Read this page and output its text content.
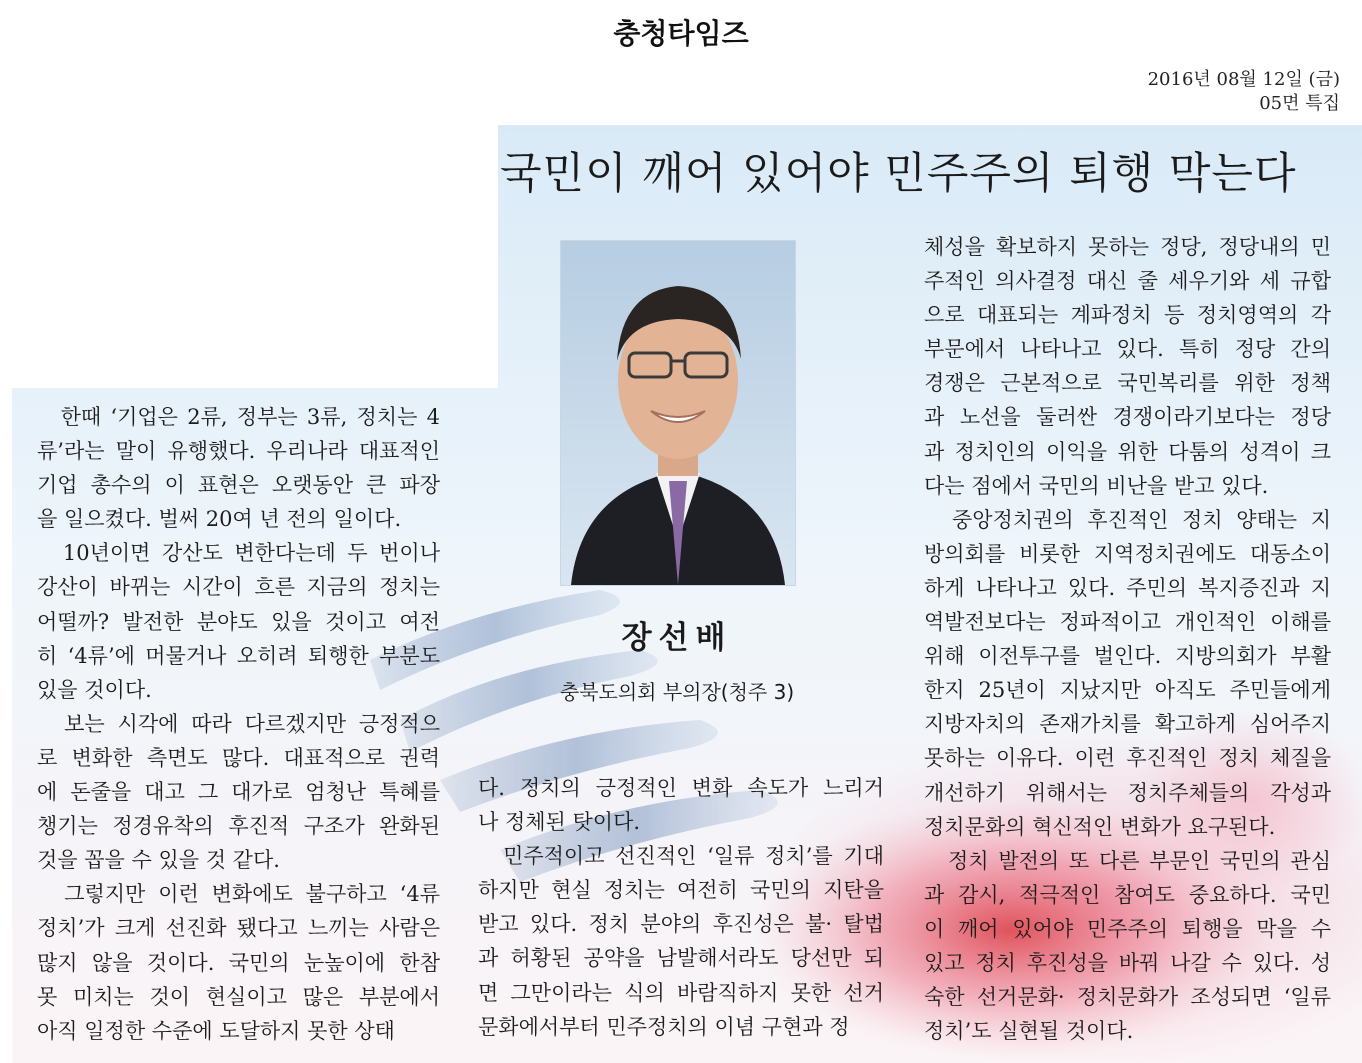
충청타임즈
2016년 08월 12일 (금)
05면 특집
국민이 깨어 있어야 민주주의 퇴행 막는다
장선배
충북도의회 부의장(청주 3)
　한때 ‘기업은 2류, 정부는 3류, 정치는 4
류’라는 말이 유행했다. 우리나라 대표적인
기업 총수의 이 표현은 오랫동안 큰 파장
을 일으켰다. 벌써 20여 년 전의 일이다.
　10년이면 강산도 변한다는데 두 번이나
강산이 바뀌는 시간이 흐른 지금의 정치는
어떨까? 발전한 분야도 있을 것이고 여전
히 ‘4류’에 머물거나 오히려 퇴행한 부분도
있을 것이다.
　보는 시각에 따라 다르겠지만 긍정적으
로 변화한 측면도 많다. 대표적으로 권력
에 돈줄을 대고 그 대가로 엄청난 특혜를
챙기는 정경유착의 후진적 구조가 완화된
것을 꼽을 수 있을 것 같다.
　그렇지만 이런 변화에도 불구하고 ‘4류
정치’가 크게 선진화 됐다고 느끼는 사람은
많지 않을 것이다. 국민의 눈높이에 한참
못 미치는 것이 현실이고 많은 부분에서
아직 일정한 수준에 도달하지 못한 상태
다. 정치의 긍정적인 변화 속도가 느리거
나 정체된 탓이다.
　민주적이고 선진적인 ‘일류 정치’를 기대
하지만 현실 정치는 여전히 국민의 지탄을
받고 있다. 정치 분야의 후진성은 불· 탈법
과 허황된 공약을 남발해서라도 당선만 되
면 그만이라는 식의 바람직하지 못한 선거
문화에서부터 민주정치의 이념 구현과 정
체성을 확보하지 못하는 정당, 정당내의 민
주적인 의사결정 대신 줄 세우기와 세 규합
으로 대표되는 계파정치 등 정치영역의 각
부문에서 나타나고 있다. 특히 정당 간의
경쟁은 근본적으로 국민복리를 위한 정책
과 노선을 둘러싼 경쟁이라기보다는 정당
과 정치인의 이익을 위한 다툼의 성격이 크
다는 점에서 국민의 비난을 받고 있다.
　중앙정치권의 후진적인 정치 양태는 지
방의회를 비롯한 지역정치권에도 대동소이
하게 나타나고 있다. 주민의 복지증진과 지
역발전보다는 정파적이고 개인적인 이해를
위해 이전투구를 벌인다. 지방의회가 부활
한지 25년이 지났지만 아직도 주민들에게
지방자치의 존재가치를 확고하게 심어주지
못하는 이유다. 이런 후진적인 정치 체질을
개선하기 위해서는 정치주체들의 각성과
정치문화의 혁신적인 변화가 요구된다.
　정치 발전의 또 다른 부문인 국민의 관심
과 감시, 적극적인 참여도 중요하다. 국민
이 깨어 있어야 민주주의 퇴행을 막을 수
있고 정치 후진성을 바꿔 나갈 수 있다. 성
숙한 선거문화· 정치문화가 조성되면 ‘일류
정치’도 실현될 것이다.
